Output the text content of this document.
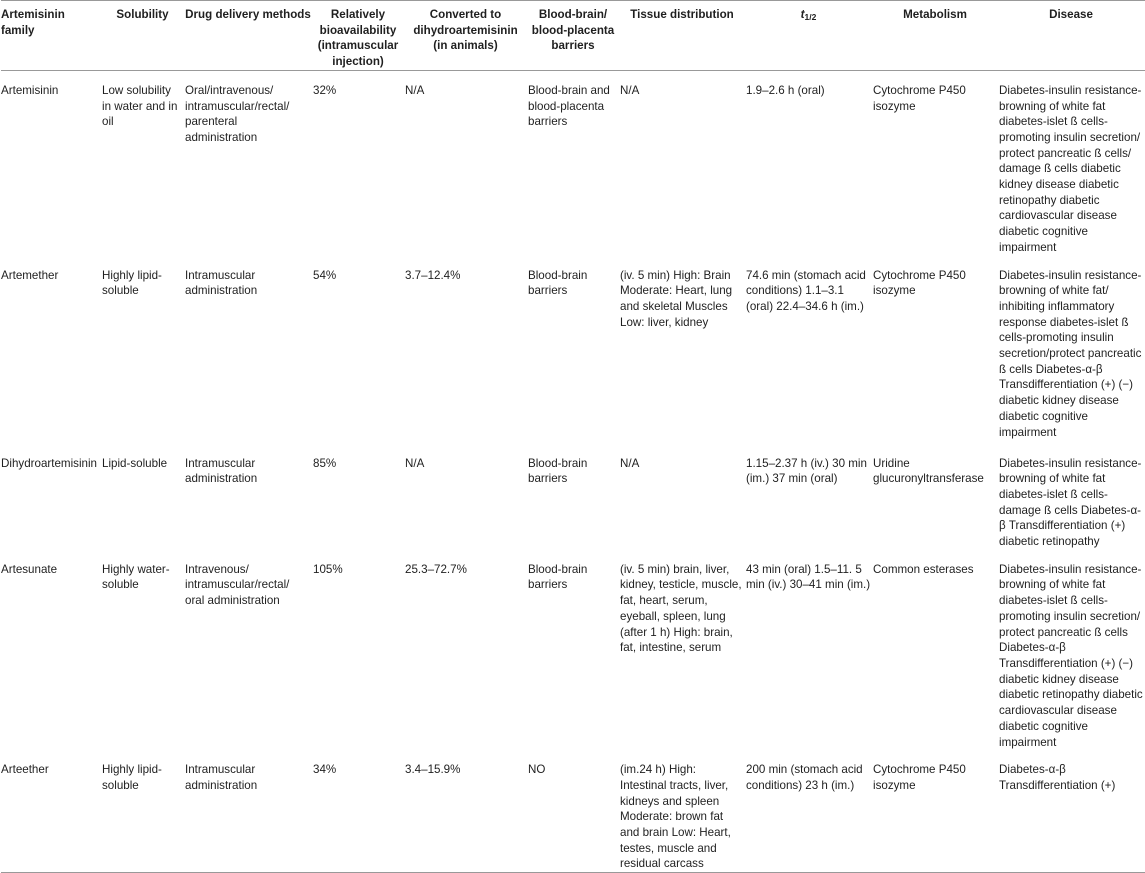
Artemisinin family	Solubility	Drug delivery methods	Relatively bioavailability (intramuscular injection)	Converted to dihydroartemisinin (in animals)	Blood-brain/ blood-placenta barriers	Tissue distribution	$t_{1/2}$	Metabolism	Disease
Artemisinin	Low solubility in water and in oil	Oral/intravenous/ intramuscular/rectal/ parenteral administration	32%	N/A	Blood-brain and blood-placenta barriers	N/A	1.9–2.6 h (oral)	Cytochrome P450 isozyme	Diabetes-insulin resistance-browning of white fat diabetes-islet ß cells-promoting insulin secretion/ protect pancreatic ß cells/ damage ß cells diabetic kidney disease diabetic retinopathy diabetic cardiovascular disease diabetic cognitive impairment
Artemether	Highly lipid-soluble	Intramuscular administration	54%	3.7–12.4%	Blood-brain barriers	(iv. 5 min) High: Brain Moderate: Heart, lung and skeletal Muscles Low: liver, kidney	74.6 min (stomach acid conditions) 1.1–3.1 (oral) 22.4–34.6 h (im.)	Cytochrome P450 isozyme	Diabetes-insulin resistance-browning of white fat/ inhibiting inflammatory response diabetes-islet ß cells-promoting insulin secretion/protect pancreatic ß cells Diabetes-α-β Transdifferentiation (+) (−) diabetic kidney disease diabetic cognitive impairment
Dihydroartemisinin	Lipid-soluble	Intramuscular administration	85%	N/A	Blood-brain barriers	N/A	1.15–2.37 h (iv.) 30 min (im.) 37 min (oral)	Uridine glucuronyltransferase	Diabetes-insulin resistance-browning of white fat diabetes-islet ß cells-damage ß cells Diabetes-α-β Transdifferentiation (+) diabetic retinopathy
Artesunate	Highly water-soluble	Intravenous/ intramuscular/rectal/ oral administration	105%	25.3–72.7%	Blood-brain barriers	(iv. 5 min) brain, liver, kidney, testicle, muscle, fat, heart, serum, eyeball, spleen, lung (after 1 h) High: brain, fat, intestine, serum	43 min (oral) 1.5–11. 5 min (iv.) 30–41 min (im.)	Common esterases	Diabetes-insulin resistance-browning of white fat diabetes-islet ß cells-promoting insulin secretion/ protect pancreatic ß cells Diabetes-α-β Transdifferentiation (+) (−) diabetic kidney disease diabetic retinopathy diabetic cardiovascular disease diabetic cognitive impairment
Arteether	Highly lipid-soluble	Intramuscular administration	34%	3.4–15.9%	NO	(im.24 h) High: Intestinal tracts, liver, kidneys and spleen Moderate: brown fat and brain Low: Heart, testes, muscle and residual carcass	200 min (stomach acid conditions) 23 h (im.)	Cytochrome P450 isozyme	Diabetes-α-β Transdifferentiation (+)
